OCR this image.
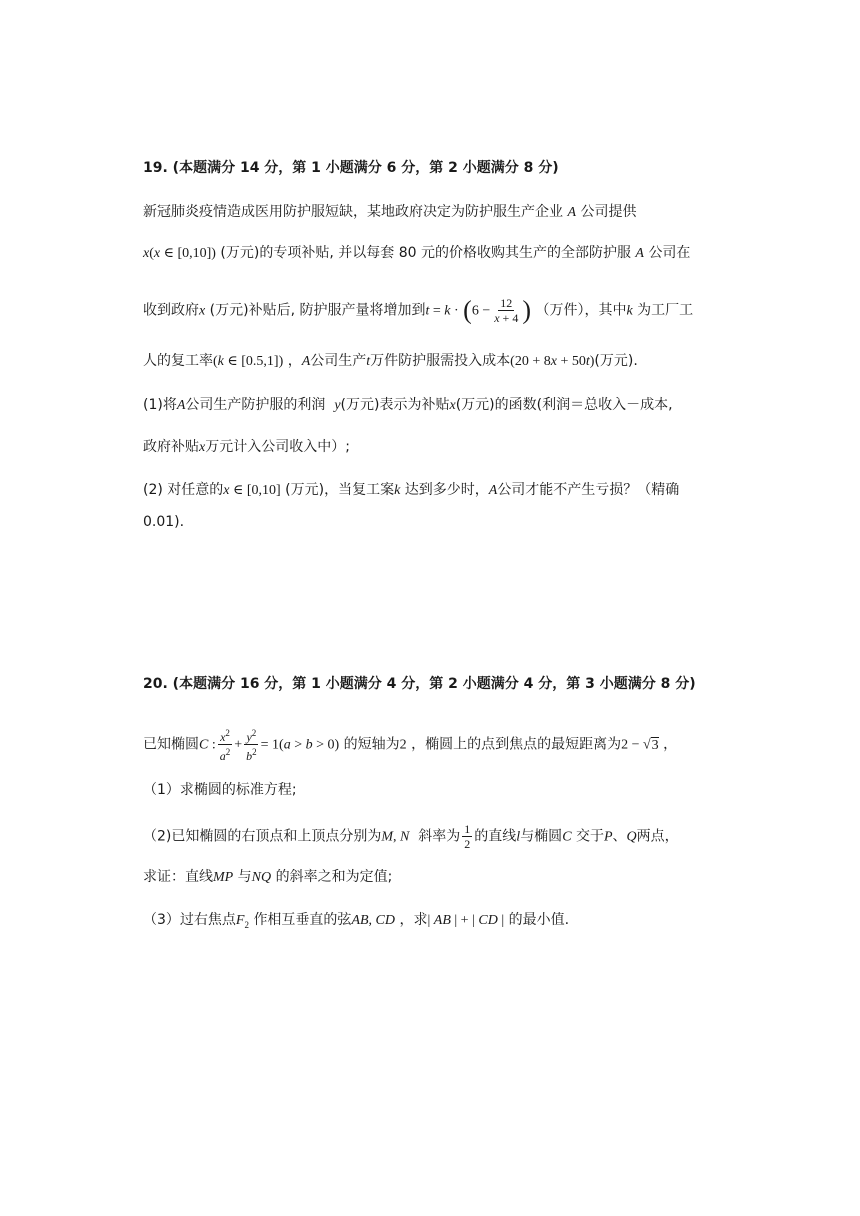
19. (本题满分 14 分，第 1 小题满分 6 分，第 2 小题满分 8 分)
新冠肺炎疫情造成医用防护服短缺，某地政府决定为防护服生产企业 A 公司提供
x(x ∈ [0,10]) (万元)的专项补贴, 并以每套 80 元的价格收购其生产的全部防护服 A 公司在
收到政府x (万元)补贴后, 防护服产量将增加到$t = k \cdot (6 - \frac{12}{x + 4}$ ) （万件），其中k 为工厂工
人的复工率(k ∈ [0.5,1]) ，A公司生产t万件防护服需投入成本(20 + 8x + 50t)(万元).
(1)将A公司生产防护服的利润 y(万元)表示为补贴x(万元)的函数(利润＝总收入－成本,
政府补贴x万元计入公司收入中）;
(2) 对任意的x ∈ [0,10] (万元)，当复工案k 达到多少时，A公司才能不产生亏损？（精确
0.01).
20. (本题满分 16 分，第 1 小题满分 4 分，第 2 小题满分 4 分，第 3 小题满分 8 分)
已知椭圆C : $\frac{x^2}{a^2} + \frac{y^2}{b^2} = 1(a > b > 0)$ 的短轴为2 ，椭圆上的点到焦点的最短距离为2 − √3 ，
（1）求椭圆的标准方程;
（2)已知椭圆的右顶点和上顶点分别为M, N 斜率为 $\frac{1}{2}$ 的直线l与椭圆C 交于P、Q两点，
求证：直线MP 与NQ 的斜率之和为定值;
（3）过右焦点$F_2$ 作相互垂直的弦AB, CD ，求| AB | + | CD | 的最小值.
